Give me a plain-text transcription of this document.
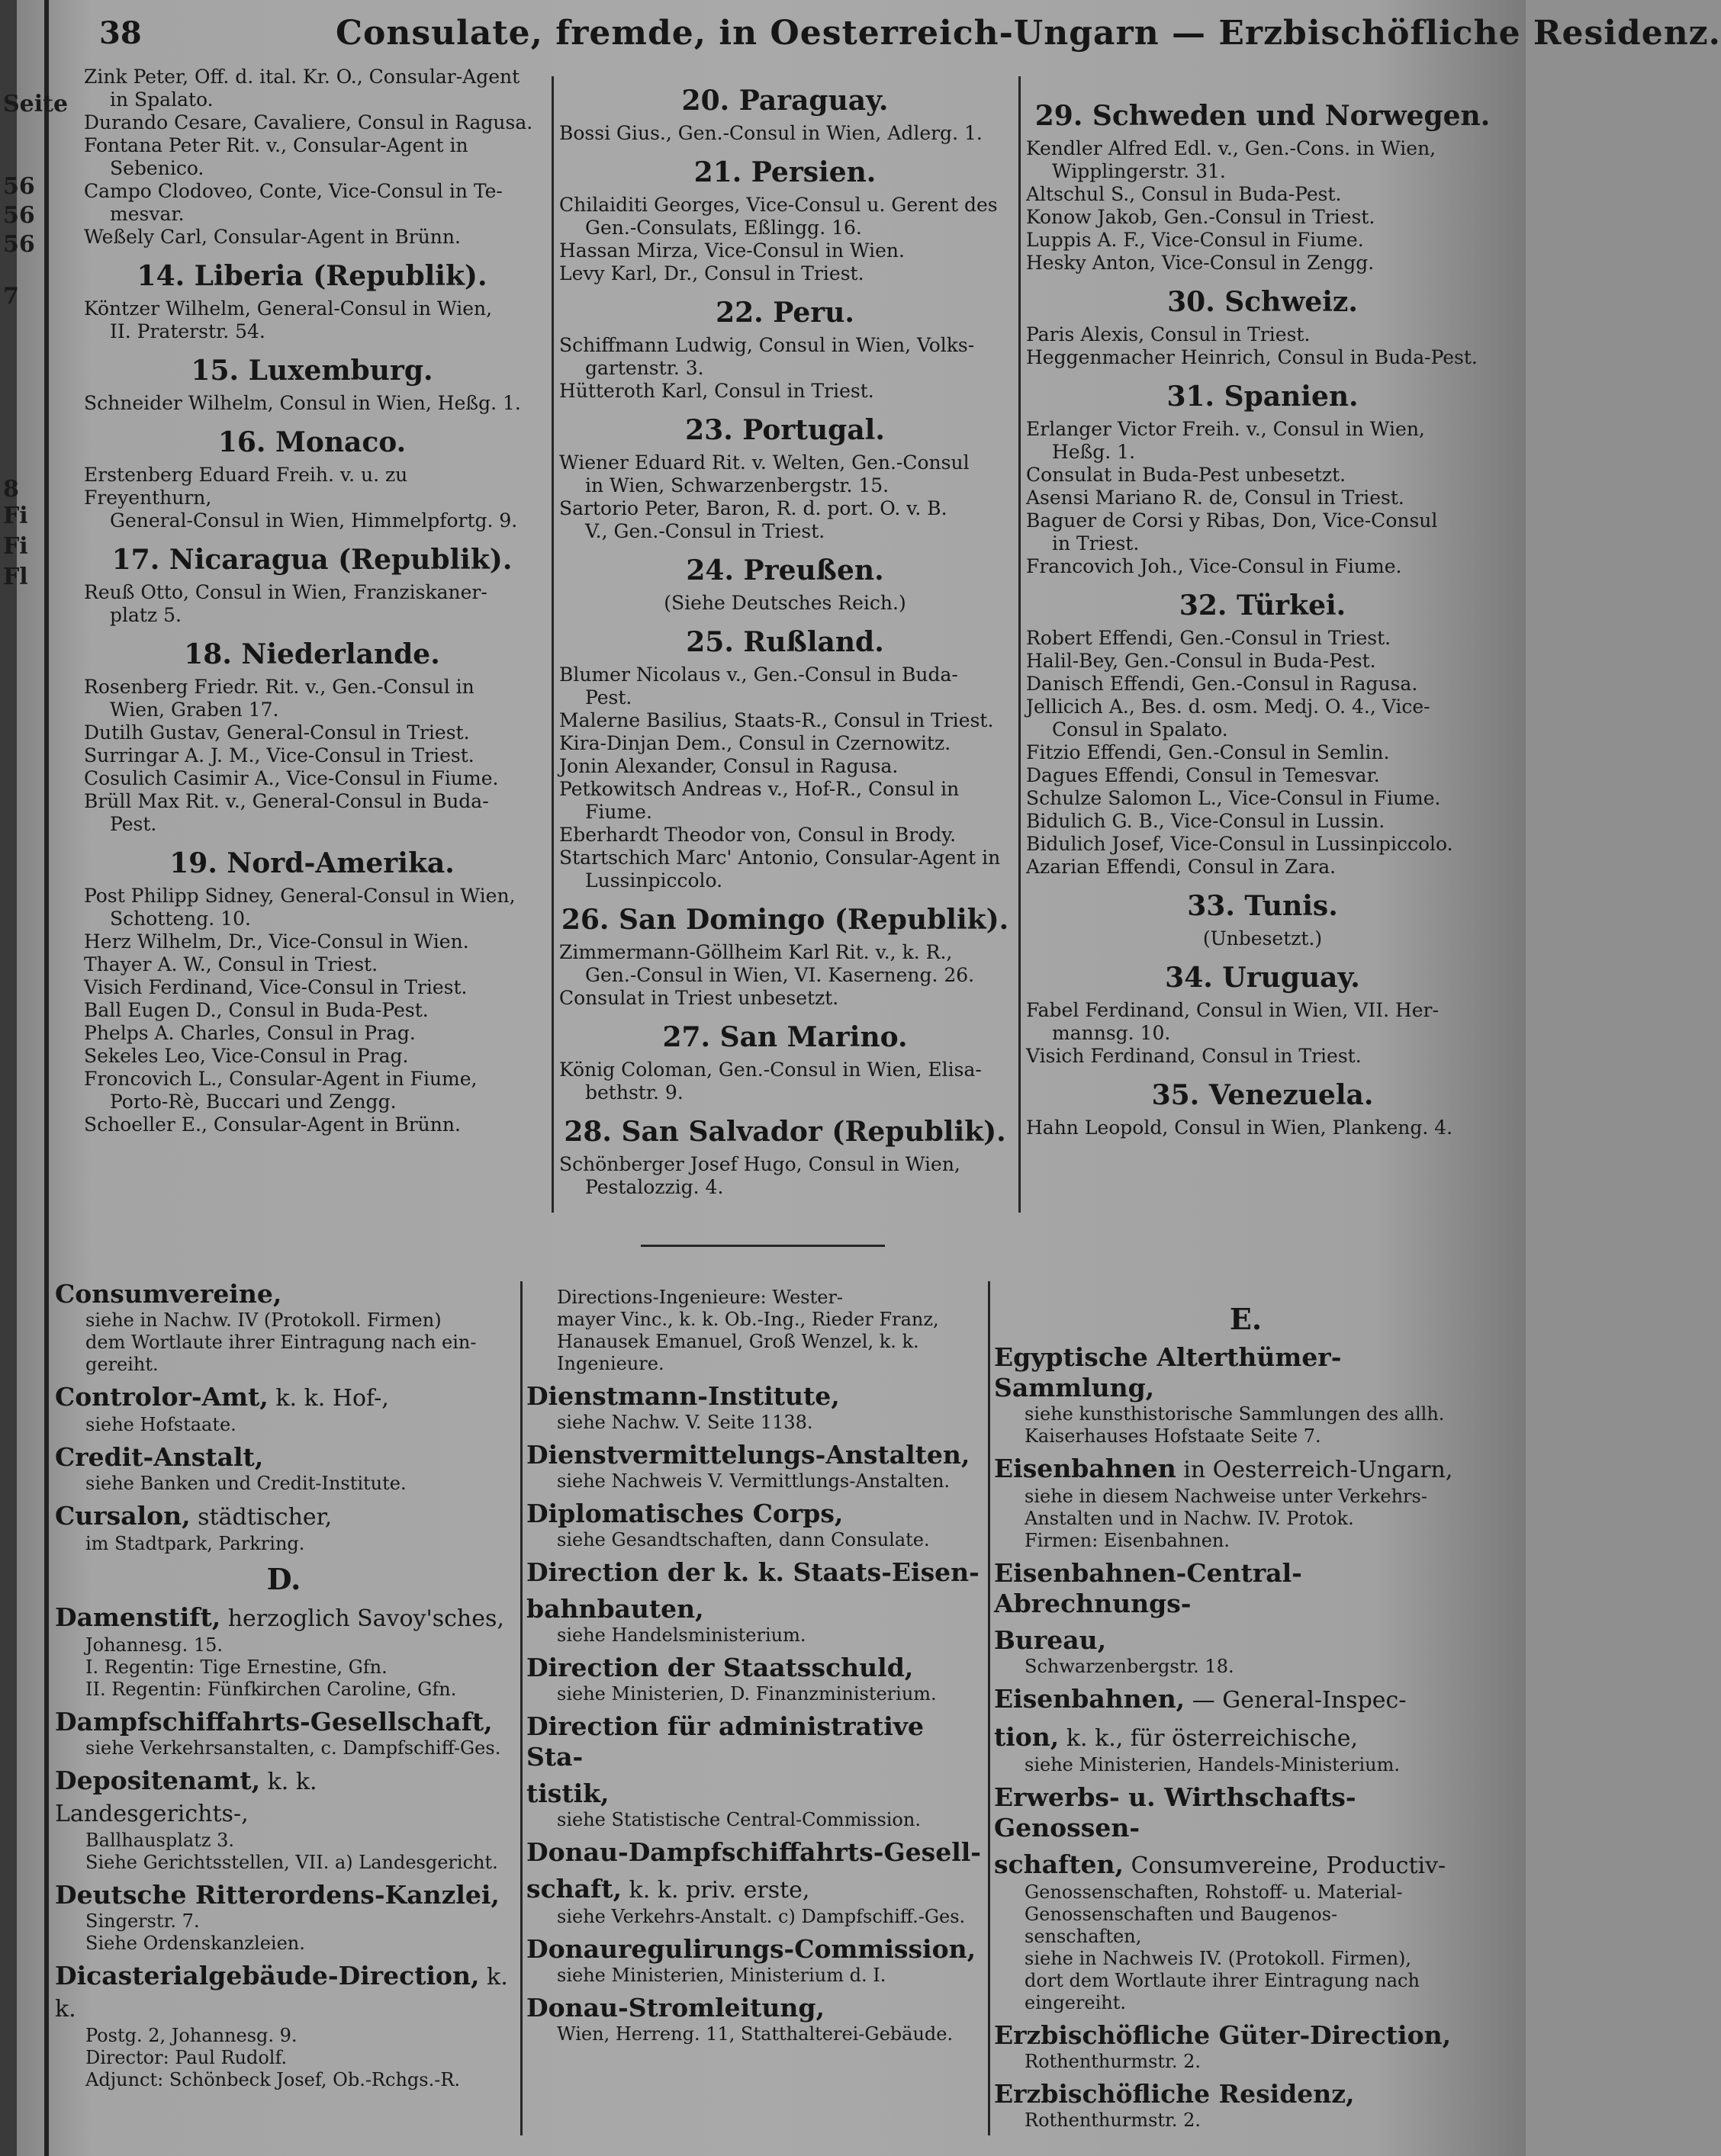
Seite
56
56
56
7
8
Fi
Fi
Fl
38	Consulate, fremde, in Oesterreich-Ungarn — Erzbischöfliche Residenz.
Zink Peter, Off. d. ital. Kr. O., Consular-Agent
in Spalato.
Durando Cesare, Cavaliere, Consul in Ragusa.
Fontana Peter Rit. v., Consular-Agent in
Sebenico.
Campo Clodoveo, Conte, Vice-Consul in Te-
mesvar.
Weßely Carl, Consular-Agent in Brünn.
14. Liberia (Republik).
Köntzer Wilhelm, General-Consul in Wien,
II. Praterstr. 54.
15. Luxemburg.
Schneider Wilhelm, Consul in Wien, Heßg. 1.
16. Monaco.
Erstenberg Eduard Freih. v. u. zu Freyenthurn,
General-Consul in Wien, Himmelpfortg. 9.
17. Nicaragua (Republik).
Reuß Otto, Consul in Wien, Franziskaner-
platz 5.
18. Niederlande.
Rosenberg Friedr. Rit. v., Gen.-Consul in
Wien, Graben 17.
Dutilh Gustav, General-Consul in Triest.
Surringar A. J. M., Vice-Consul in Triest.
Cosulich Casimir A., Vice-Consul in Fiume.
Brüll Max Rit. v., General-Consul in Buda-
Pest.
19. Nord-Amerika.
Post Philipp Sidney, General-Consul in Wien,
Schotteng. 10.
Herz Wilhelm, Dr., Vice-Consul in Wien.
Thayer A. W., Consul in Triest.
Visich Ferdinand, Vice-Consul in Triest.
Ball Eugen D., Consul in Buda-Pest.
Phelps A. Charles, Consul in Prag.
Sekeles Leo, Vice-Consul in Prag.
Froncovich L., Consular-Agent in Fiume,
Porto-Rè, Buccari und Zengg.
Schoeller E., Consular-Agent in Brünn.
20. Paraguay.
Bossi Gius., Gen.-Consul in Wien, Adlerg. 1.
21. Persien.
Chilaiditi Georges, Vice-Consul u. Gerent des
Gen.-Consulats, Eßlingg. 16.
Hassan Mirza, Vice-Consul in Wien.
Levy Karl, Dr., Consul in Triest.
22. Peru.
Schiffmann Ludwig, Consul in Wien, Volks-
gartenstr. 3.
Hütteroth Karl, Consul in Triest.
23. Portugal.
Wiener Eduard Rit. v. Welten, Gen.-Consul
in Wien, Schwarzenbergstr. 15.
Sartorio Peter, Baron, R. d. port. O. v. B.
V., Gen.-Consul in Triest.
24. Preußen.
(Siehe Deutsches Reich.)
25. Rußland.
Blumer Nicolaus v., Gen.-Consul in Buda-
Pest.
Malerne Basilius, Staats-R., Consul in Triest.
Kira-Dinjan Dem., Consul in Czernowitz.
Jonin Alexander, Consul in Ragusa.
Petkowitsch Andreas v., Hof-R., Consul in
Fiume.
Eberhardt Theodor von, Consul in Brody.
Startschich Marc' Antonio, Consular-Agent in
Lussinpiccolo.
26. San Domingo (Republik).
Zimmermann-Göllheim Karl Rit. v., k. R.,
Gen.-Consul in Wien, VI. Kaserneng. 26.
Consulat in Triest unbesetzt.
27. San Marino.
König Coloman, Gen.-Consul in Wien, Elisa-
bethstr. 9.
28. San Salvador (Republik).
Schönberger Josef Hugo, Consul in Wien,
Pestalozzig. 4.
29. Schweden und Norwegen.
Kendler Alfred Edl. v., Gen.-Cons. in Wien,
Wipplingerstr. 31.
Altschul S., Consul in Buda-Pest.
Konow Jakob, Gen.-Consul in Triest.
Luppis A. F., Vice-Consul in Fiume.
Hesky Anton, Vice-Consul in Zengg.
30. Schweiz.
Paris Alexis, Consul in Triest.
Heggenmacher Heinrich, Consul in Buda-Pest.
31. Spanien.
Erlanger Victor Freih. v., Consul in Wien,
Heßg. 1.
Consulat in Buda-Pest unbesetzt.
Asensi Mariano R. de, Consul in Triest.
Baguer de Corsi y Ribas, Don, Vice-Consul
in Triest.
Francovich Joh., Vice-Consul in Fiume.
32. Türkei.
Robert Effendi, Gen.-Consul in Triest.
Halil-Bey, Gen.-Consul in Buda-Pest.
Danisch Effendi, Gen.-Consul in Ragusa.
Jellicich A., Bes. d. osm. Medj. O. 4., Vice-
Consul in Spalato.
Fitzio Effendi, Gen.-Consul in Semlin.
Dagues Effendi, Consul in Temesvar.
Schulze Salomon L., Vice-Consul in Fiume.
Bidulich G. B., Vice-Consul in Lussin.
Bidulich Josef, Vice-Consul in Lussinpiccolo.
Azarian Effendi, Consul in Zara.
33. Tunis.
(Unbesetzt.)
34. Uruguay.
Fabel Ferdinand, Consul in Wien, VII. Her-
mannsg. 10.
Visich Ferdinand, Consul in Triest.
35. Venezuela.
Hahn Leopold, Consul in Wien, Plankeng. 4.
Consumvereine,
siehe in Nachw. IV (Protokoll. Firmen)
dem Wortlaute ihrer Eintragung nach ein-
gereiht.
Controlor-Amt, k. k. Hof-,
siehe Hofstaate.
Credit-Anstalt,
siehe Banken und Credit-Institute.
Cursalon, städtischer,
im Stadtpark, Parkring.
D.
Damenstift, herzoglich Savoy'sches,
Johannesg. 15.
I. Regentin: Tige Ernestine, Gfn.
II. Regentin: Fünfkirchen Caroline, Gfn.
Dampfschiffahrts-Gesellschaft,
siehe Verkehrsanstalten, c. Dampfschiff-Ges.
Depositenamt, k. k. Landesgerichts-,
Ballhausplatz 3.
Siehe Gerichtsstellen, VII. a) Landesgericht.
Deutsche Ritterordens-Kanzlei,
Singerstr. 7.
Siehe Ordenskanzleien.
Dicasterialgebäude-Direction, k. k.
Postg. 2, Johannesg. 9.
Director: Paul Rudolf.
Adjunct: Schönbeck Josef, Ob.-Rchgs.-R.
Directions-Ingenieure: Wester-
mayer Vinc., k. k. Ob.-Ing., Rieder Franz,
Hanausek Emanuel, Groß Wenzel, k. k.
Ingenieure.
Dienstmann-Institute,
siehe Nachw. V. Seite 1138.
Dienstvermittelungs-Anstalten,
siehe Nachweis V. Vermittlungs-Anstalten.
Diplomatisches Corps,
siehe Gesandtschaften, dann Consulate.
Direction der k. k. Staats-Eisen-
bahnbauten,
siehe Handelsministerium.
Direction der Staatsschuld,
siehe Ministerien, D. Finanzministerium.
Direction für administrative Sta-
tistik,
siehe Statistische Central-Commission.
Donau-Dampfschiffahrts-Gesell-
schaft, k. k. priv. erste,
siehe Verkehrs-Anstalt. c) Dampfschiff.-Ges.
Donauregulirungs-Commission,
siehe Ministerien, Ministerium d. I.
Donau-Stromleitung,
Wien, Herreng. 11, Statthalterei-Gebäude.
E.
Egyptische Alterthümer-Sammlung,
siehe kunsthistorische Sammlungen des allh.
Kaiserhauses Hofstaate Seite 7.
Eisenbahnen in Oesterreich-Ungarn,
siehe in diesem Nachweise unter Verkehrs-
Anstalten und in Nachw. IV. Protok.
Firmen: Eisenbahnen.
Eisenbahnen-Central-Abrechnungs-
Bureau,
Schwarzenbergstr. 18.
Eisenbahnen, — General-Inspec-
tion, k. k., für österreichische,
siehe Ministerien, Handels-Ministerium.
Erwerbs- u. Wirthschafts-Genossen-
schaften, Consumvereine, Productiv-
Genossenschaften, Rohstoff- u. Material-
Genossenschaften und Baugenos-
senschaften,
siehe in Nachweis IV. (Protokoll. Firmen),
dort dem Wortlaute ihrer Eintragung nach
eingereiht.
Erzbischöfliche Güter-Direction,
Rothenthurmstr. 2.
Erzbischöfliche Residenz,
Rothenthurmstr. 2.
